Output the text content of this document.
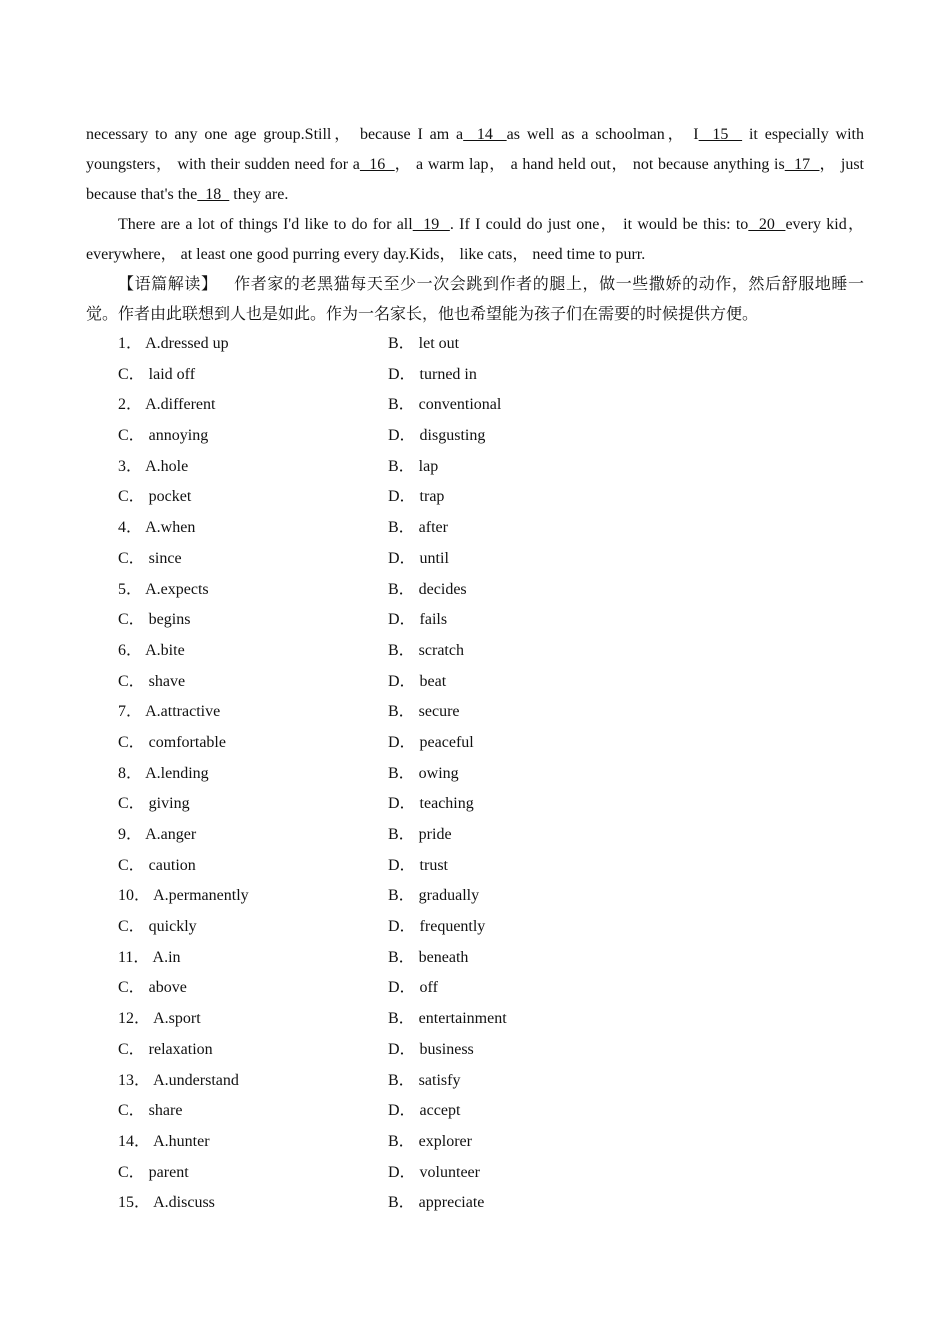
necessary to any one age group.Still， because I am a  14  as well as a schoolman， I  15   it especially with youngsters， with their sudden need for a  16  ， a warm lap， a hand held out， not because anything is  17  ， just because that's the  18   they are.

There are a lot of things I'd like to do for all  19  . If I could do just one， it would be this: to  20  every kid， everywhere， at least one good purring every day.Kids， like cats， need time to purr.

【语篇解读】  作者家的老黑猫每天至少一次会跳到作者的腿上，做一些撒娇的动作，然后舒服地睡一觉。作者由此联想到人也是如此。作为一名家长，他也希望能为孩子们在需要的时候提供方便。

1． A.dressed up	B． let out
C． laid off	D． turned in
2． A.different	B． conventional
C． annoying	D． disgusting
3． A.hole	B． lap
C． pocket	D． trap
4． A.when	B． after
C． since	D． until
5． A.expects	B． decides
C． begins	D． fails
6． A.bite	B． scratch
C． shave	D． beat
7． A.attractive	B． secure
C． comfortable	D． peaceful
8． A.lending	B． owing
C． giving	D． teaching
9． A.anger	B． pride
C． caution	D． trust
10． A.permanently	B． gradually
C． quickly	D． frequently
11． A.in	B． beneath
C． above	D． off
12． A.sport	B． entertainment
C． relaxation	D． business
13． A.understand	B． satisfy
C． share	D． accept
14． A.hunter	B． explorer
C． parent	D． volunteer
15． A.discuss	B． appreciate
